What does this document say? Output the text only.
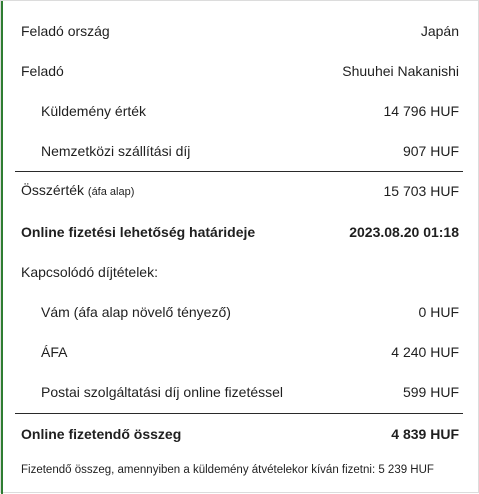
Feladó ország	Japán
Feladó	Shuuhei Nakanishi
Küldemény érték	14 796 HUF
Nemzetközi szállítási díj	907 HUF
Összérték (áfa alap)	15 703 HUF
Online fizetési lehetőség határideje	2023.08.20 01:18
Kapcsolódó díjtételek:
Vám (áfa alap növelő tényező)	0 HUF
ÁFA	4 240 HUF
Postai szolgáltatási díj online fizetéssel	599 HUF
Online fizetendő összeg	4 839 HUF
Fizetendő összeg, amennyiben a küldemény átvételekor kíván fizetni: 5 239 HUF
